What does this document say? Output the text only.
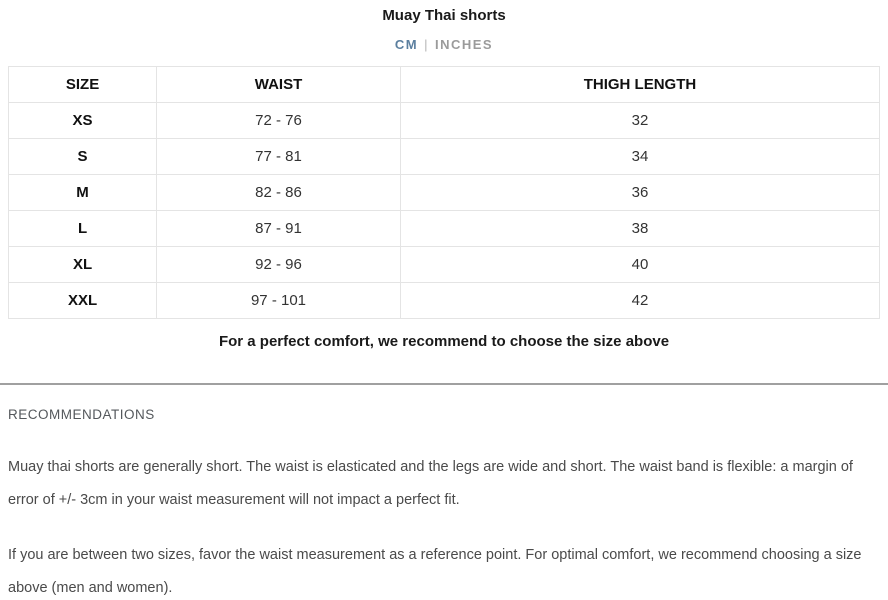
Muay Thai shorts
CM | INCHES
SIZE	WAIST	THIGH LENGTH
XS	72 - 76	32
S	77 - 81	34
M	82 - 86	36
L	87 - 91	38
XL	92 - 96	40
XXL	97 - 101	42
For a perfect comfort, we recommend to choose the size above
RECOMMENDATIONS

Muay thai shorts are generally short. The waist is elasticated and the legs are wide and short. The waist band is flexible: a margin of error of +/- 3cm in your waist measurement will not impact a perfect fit.

If you are between two sizes, favor the waist measurement as a reference point. For optimal comfort, we recommend choosing a size above (men and women).
